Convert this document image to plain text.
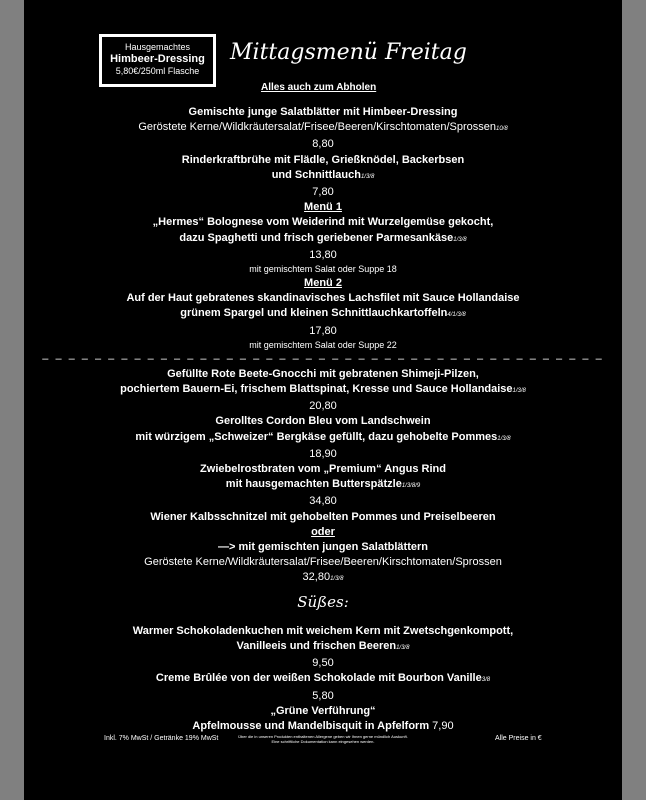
Hausgemachtes
Himbeer-Dressing
5,80€/250ml Flasche
Mittagsmenü Freitag
Alles auch zum Abholen
Gemischte junge Salatblätter mit Himbeer-Dressing
Geröstete Kerne/Wildkräutersalat/Frisee/Beeren/Kirschtomaten/Sprossen10/8
8,80
Rinderkraftbrühe mit Flädle, Grießknödel, Backerbsen
und Schnittlauch1/3/8
7,80
Menü 1
„Hermes“ Bolognese vom Weiderind mit Wurzelgemüse gekocht,
dazu Spaghetti und frisch geriebener Parmesankäse1/3/8
13,80
mit gemischtem Salat oder Suppe 18
Menü 2
Auf der Haut gebratenes skandinavisches Lachsfilet mit Sauce Hollandaise
grünem Spargel und kleinen Schnittlauchkartoffeln4/1/3/8
17,80
mit gemischtem Salat oder Suppe 22
– – – – – – – – – – – – – – – – – – – – – – – – – – – – – – – – – – – – – – – – – – –
Gefüllte Rote Beete-Gnocchi mit gebratenen Shimeji-Pilzen,
pochiertem Bauern-Ei, frischem Blattspinat, Kresse und Sauce Hollandaise1/3/8
20,80
Gerolltes Cordon Bleu vom Landschwein
mit würzigem „Schweizer“ Bergkäse gefüllt, dazu gehobelte Pommes1/3/8
18,90
Zwiebelrostbraten vom „Premium“ Angus Rind
mit hausgemachten Butterspätzle1/3/8/9
34,80
Wiener Kalbsschnitzel mit gehobelten Pommes und Preiselbeeren
oder
—> mit gemischten jungen Salatblättern
Geröstete Kerne/Wildkräutersalat/Frisee/Beeren/Kirschtomaten/Sprossen
32,801/3/8
Süßes:
Warmer Schokoladenkuchen mit weichem Kern mit Zwetschgenkompott,
Vanilleeis und frischen Beeren1/3/8
9,50
Creme Brûlée von der weißen Schokolade mit Bourbon Vanille3/8
5,80
„Grüne Verführung“
Apfelmousse und Mandelbisquit in Apfelform 7,90
Über die in unseren Produkten enthaltenen Allergene geben wir Ihnen gerne mündlich Auskunft.
Eine schriftliche Dokumentation kann eingesehen werden.
Inkl. 7% MwSt / Getränke 19% MwSt	Alle Preise in €
